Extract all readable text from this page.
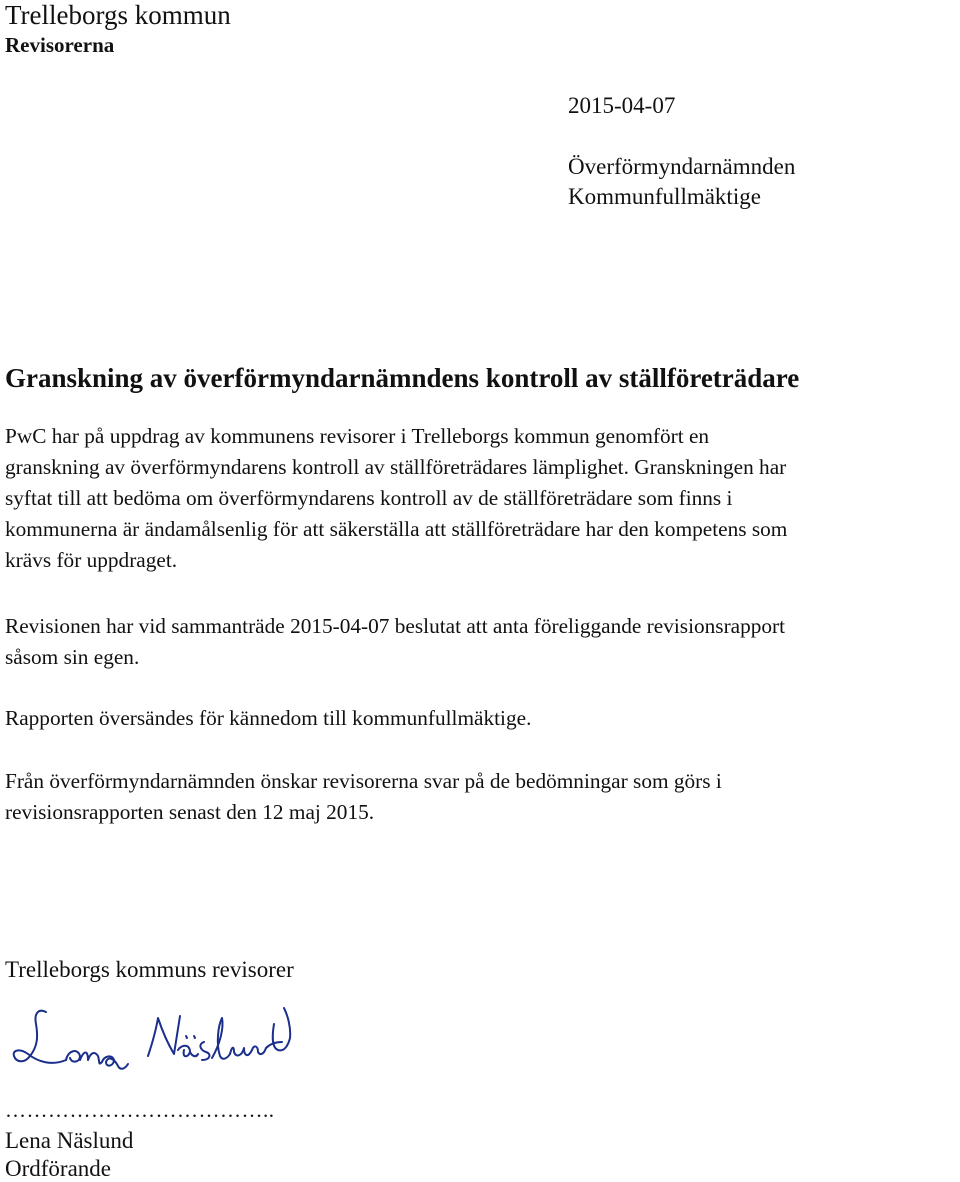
Trelleborgs kommun
Revisorerna
2015-04-07
Överförmyndarnämnden
Kommunfullmäktige
Granskning av överförmyndarnämndens kontroll av ställföreträdare
PwC har på uppdrag av kommunens revisorer i Trelleborgs kommun genomfört en
granskning av överförmyndarens kontroll av ställföreträdares lämplighet. Granskningen har
syftat till att bedöma om överförmyndarens kontroll av de ställföreträdare som finns i
kommunerna är ändamålsenlig för att säkerställa att ställföreträdare har den kompetens som
krävs för uppdraget.
Revisionen har vid sammanträde 2015-04-07 beslutat att anta föreliggande revisionsrapport
såsom sin egen.
Rapporten översändes för kännedom till kommunfullmäktige.
Från överförmyndarnämnden önskar revisorerna svar på de bedömningar som görs i
revisionsrapporten senast den 12 maj 2015.
Trelleborgs kommuns revisorer
………………………………..
Lena Näslund
Ordförande
